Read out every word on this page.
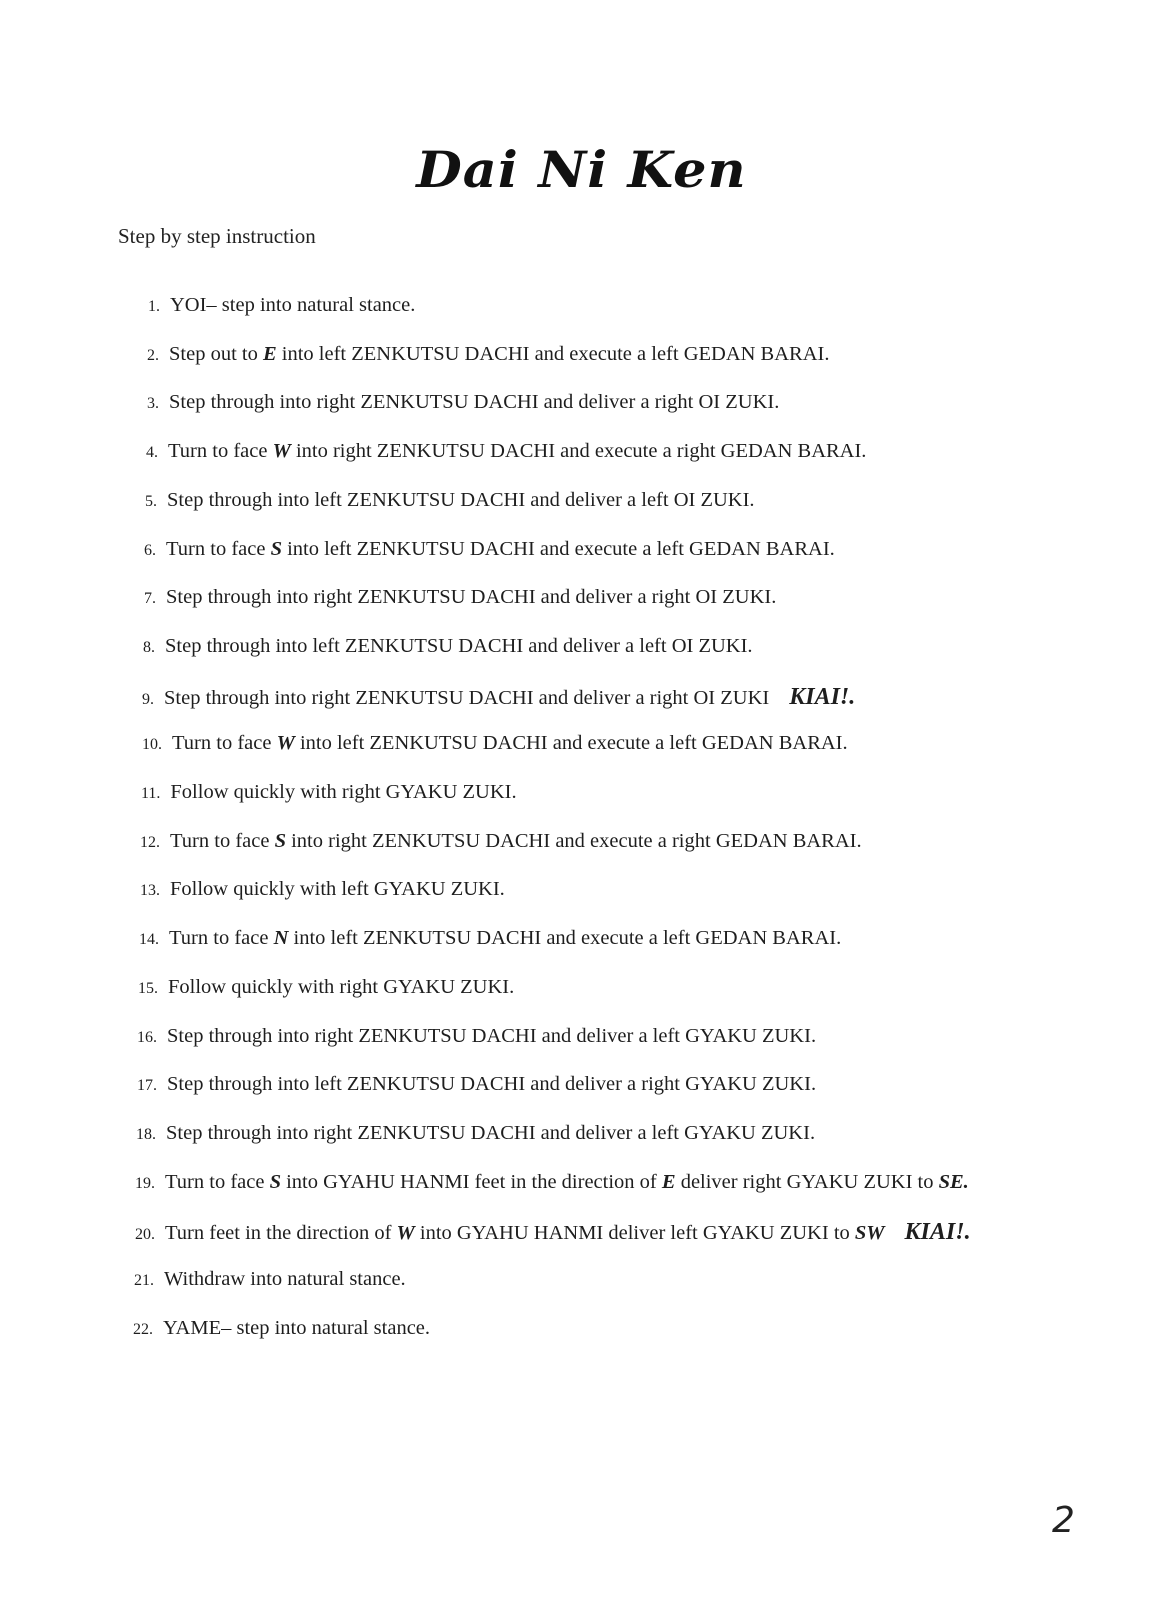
Dai Ni Ken
Step by step instruction
1. YOI– step into natural stance.
2. Step out to E into left ZENKUTSU DACHI and execute a left GEDAN BARAI.
3. Step through into right ZENKUTSU DACHI and deliver a right OI ZUKI.
4. Turn to face W into right ZENKUTSU DACHI and execute a right GEDAN BARAI.
5. Step through into left ZENKUTSU DACHI and deliver a left OI ZUKI.
6. Turn to face S into left ZENKUTSU DACHI and execute a left GEDAN BARAI.
7. Step through into right ZENKUTSU DACHI and deliver a right OI ZUKI.
8. Step through into left ZENKUTSU DACHI and deliver a left OI ZUKI.
9. Step through into right ZENKUTSU DACHI and deliver a right OI ZUKI KIAI!.
10. Turn to face W into left ZENKUTSU DACHI and execute a left GEDAN BARAI.
11. Follow quickly with right GYAKU ZUKI.
12. Turn to face S into right ZENKUTSU DACHI and execute a right GEDAN BARAI.
13. Follow quickly with left GYAKU ZUKI.
14. Turn to face N into left ZENKUTSU DACHI and execute a left GEDAN BARAI.
15. Follow quickly with right GYAKU ZUKI.
16. Step through into right ZENKUTSU DACHI and deliver a left GYAKU ZUKI.
17. Step through into left ZENKUTSU DACHI and deliver a right GYAKU ZUKI.
18. Step through into right ZENKUTSU DACHI and deliver a left GYAKU ZUKI.
19. Turn to face S into GYAHU HANMI feet in the direction of E deliver right GYAKU ZUKI to SE.
20. Turn feet in the direction of W into GYAHU HANMI deliver left GYAKU ZUKI to SW KIAI!.
21. Withdraw into natural stance.
22. YAME– step into natural stance.
2
